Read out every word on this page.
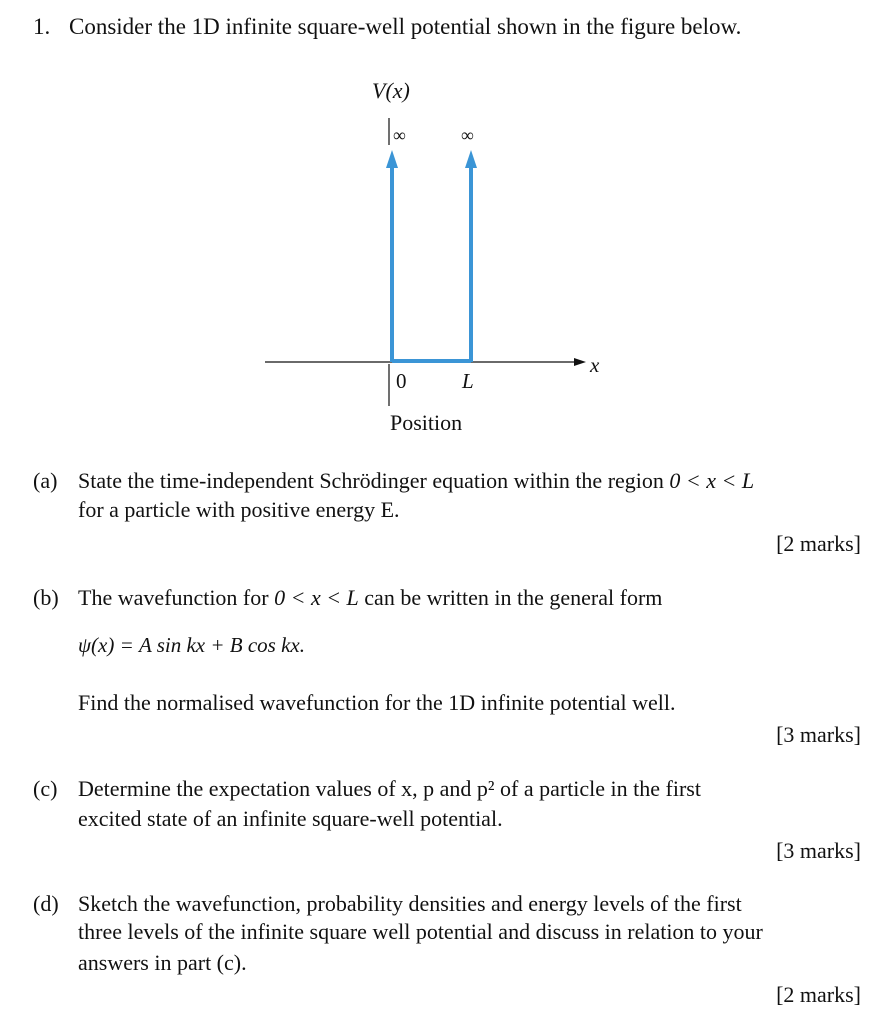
1. Consider the 1D infinite square-well potential shown in the figure below.
V(x)
∞	∞
x
0	L
Position
(a) State the time-independent Schrödinger equation within the region 0 < x < L
for a particle with positive energy E.
[2 marks]
(b) The wavefunction for 0 < x < L can be written in the general form
ψ(x) = A sin kx + B cos kx.
Find the normalised wavefunction for the 1D infinite potential well.
[3 marks]
(c) Determine the expectation values of x, p and p² of a particle in the first
excited state of an infinite square-well potential.
[3 marks]
(d) Sketch the wavefunction, probability densities and energy levels of the first
three levels of the infinite square well potential and discuss in relation to your
answers in part (c).
[2 marks]
